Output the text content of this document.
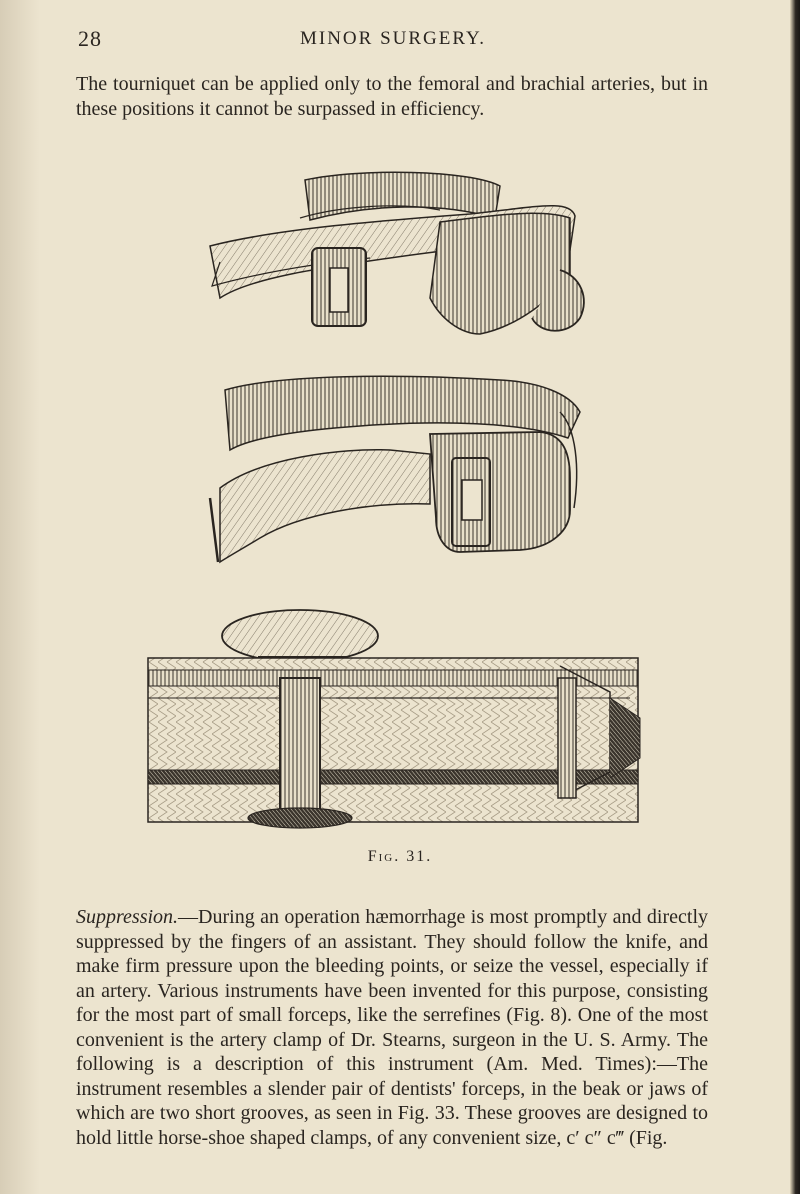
28	MINOR SURGERY.

The tourniquet can be applied only to the femoral and brachial arteries, but in these positions it cannot be surpassed in efficiency.

Fig. 31.

Suppression.—During an operation hæmorrhage is most promptly and directly suppressed by the fingers of an assistant. They should follow the knife, and make firm pressure upon the bleeding points, or seize the vessel, especially if an artery. Various instruments have been invented for this purpose, consisting for the most part of small forceps, like the serrefines (Fig. 8). One of the most convenient is the artery clamp of Dr. Stearns, surgeon in the U. S. Army. The following is a description of this instrument (Am. Med. Times):—The instrument resembles a slender pair of dentists' forceps, in the beak or jaws of which are two short grooves, as seen in Fig. 33. These grooves are designed to hold little horse-shoe shaped clamps, of any convenient size, c′ c″ c‴ (Fig.
